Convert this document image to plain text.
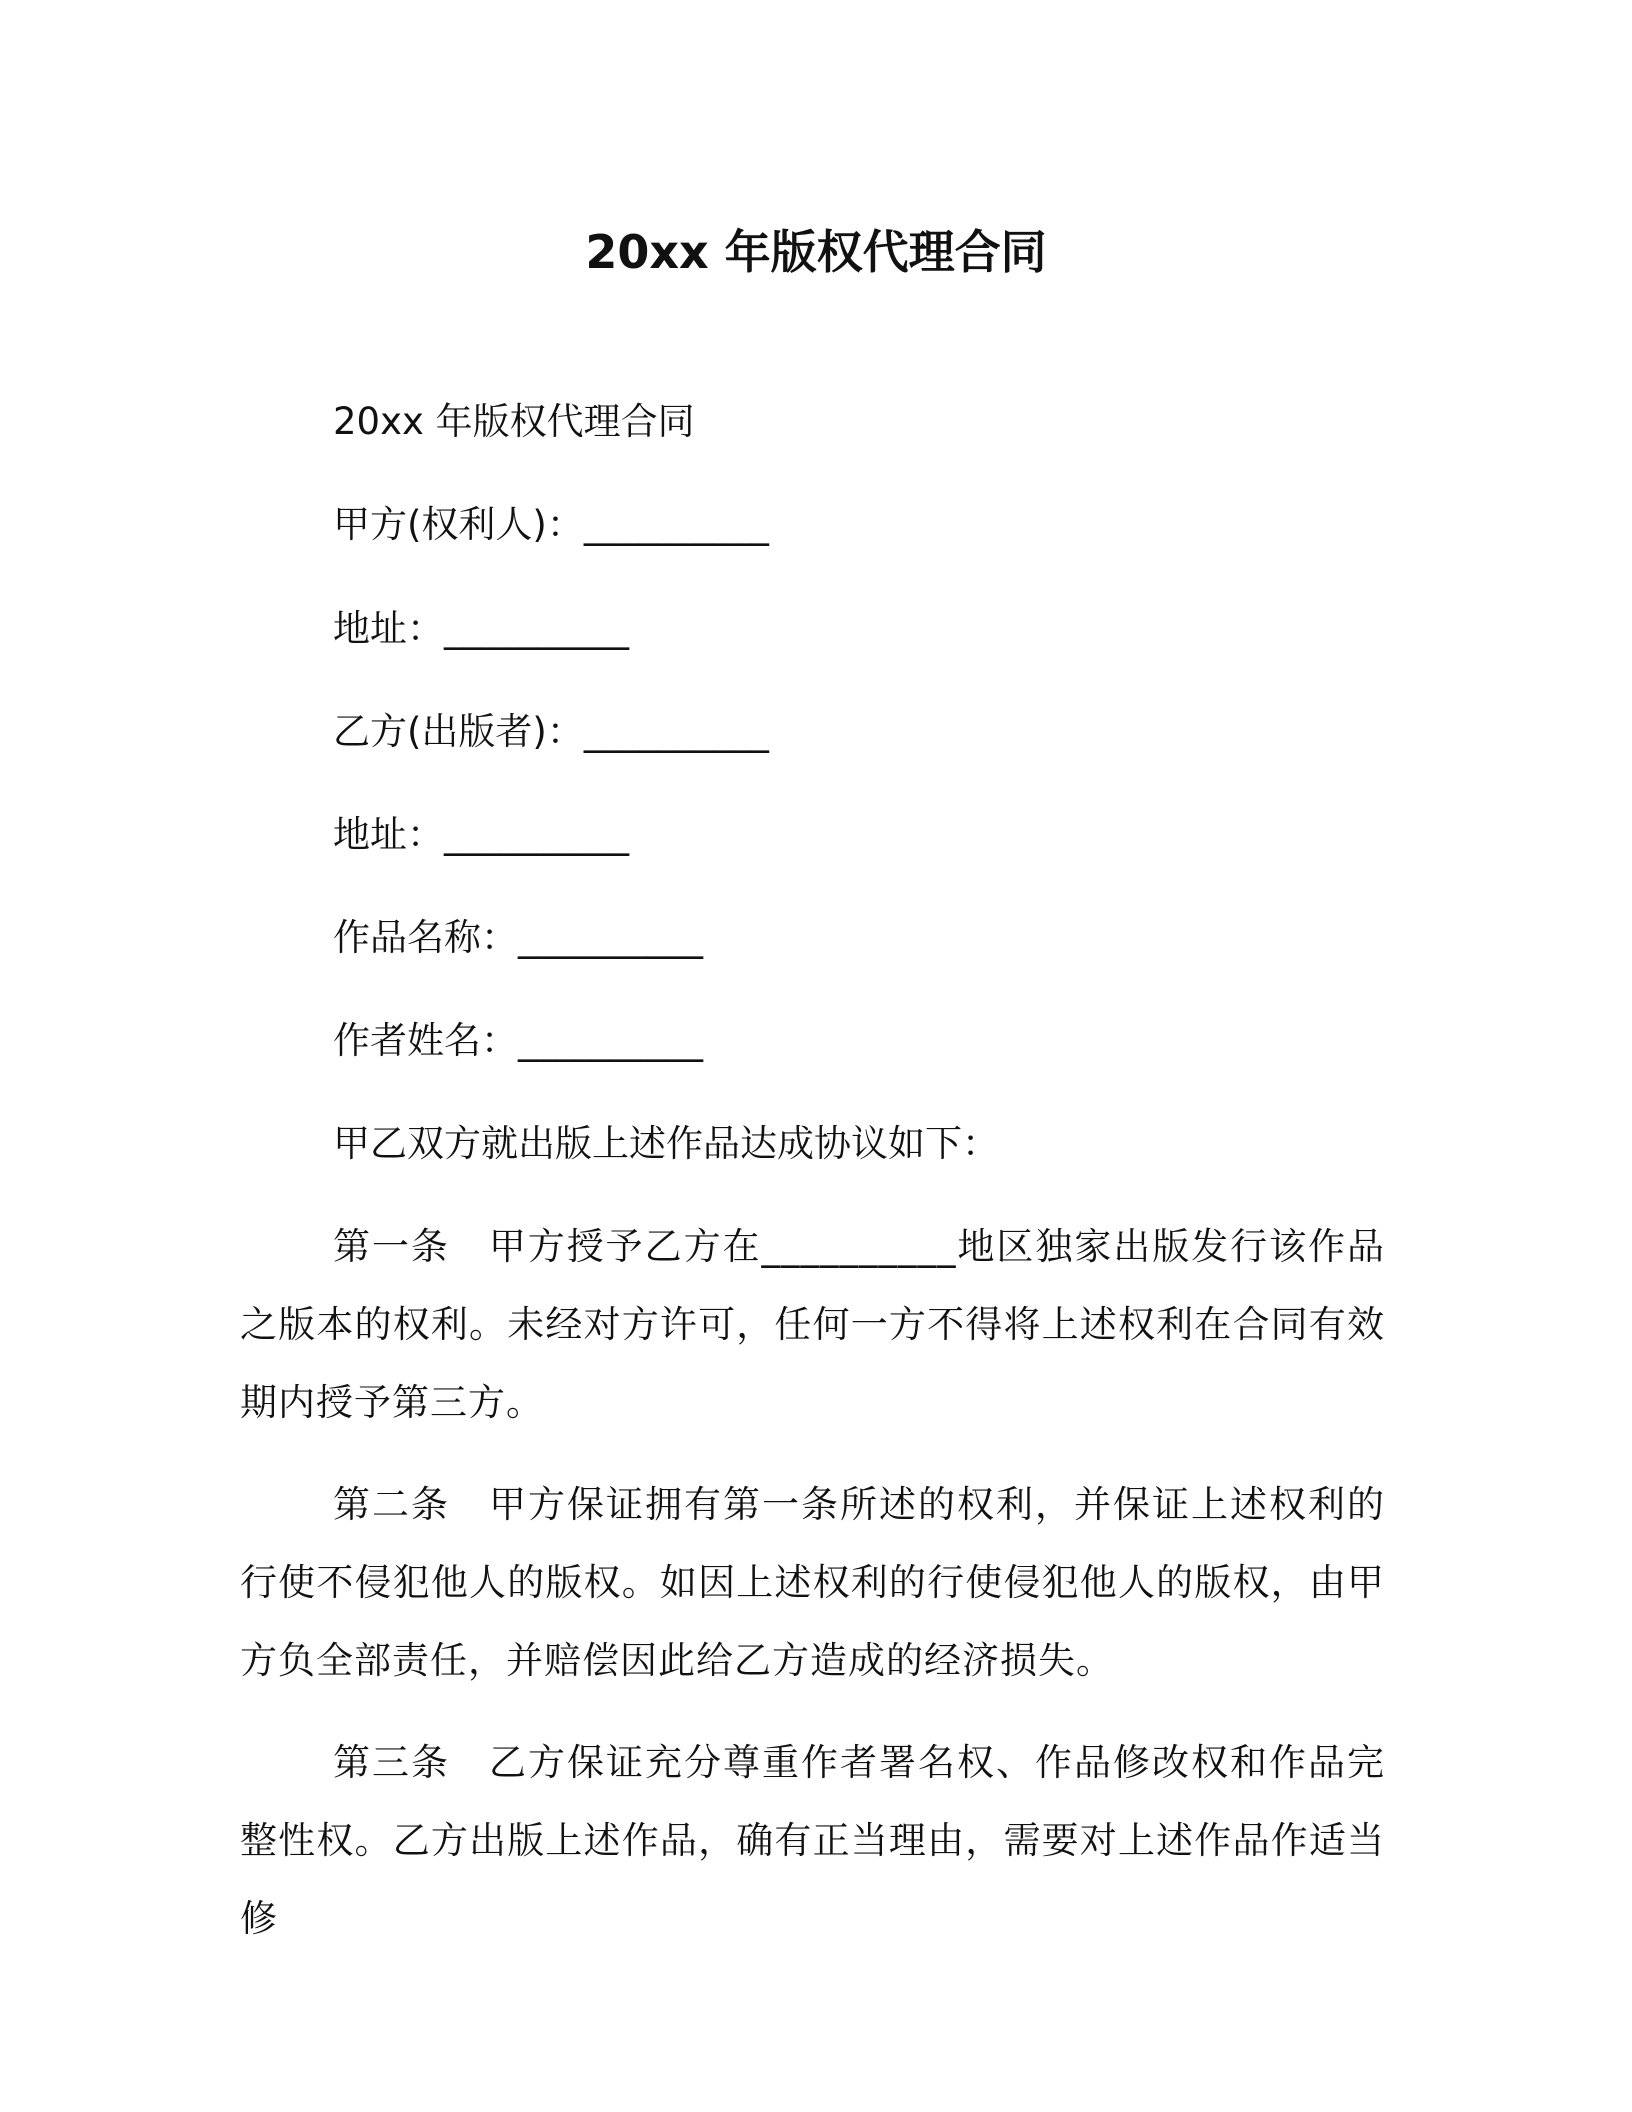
20xx 年版权代理合同
20xx 年版权代理合同
甲方(权利人)：__________
地址：__________
乙方(出版者)：__________
地址：__________
作品名称：__________
作者姓名：__________
甲乙双方就出版上述作品达成协议如下：
第一条　甲方授予乙方在__________地区独家出版发行该作品之版本的权利。未经对方许可，任何一方不得将上述权利在合同有效期内授予第三方。
第二条　甲方保证拥有第一条所述的权利，并保证上述权利的行使不侵犯他人的版权。如因上述权利的行使侵犯他人的版权，由甲方负全部责任，并赔偿因此给乙方造成的经济损失。
第三条　乙方保证充分尊重作者署名权、作品修改权和作品完整性权。乙方出版上述作品，确有正当理由，需要对上述作品作适当修
